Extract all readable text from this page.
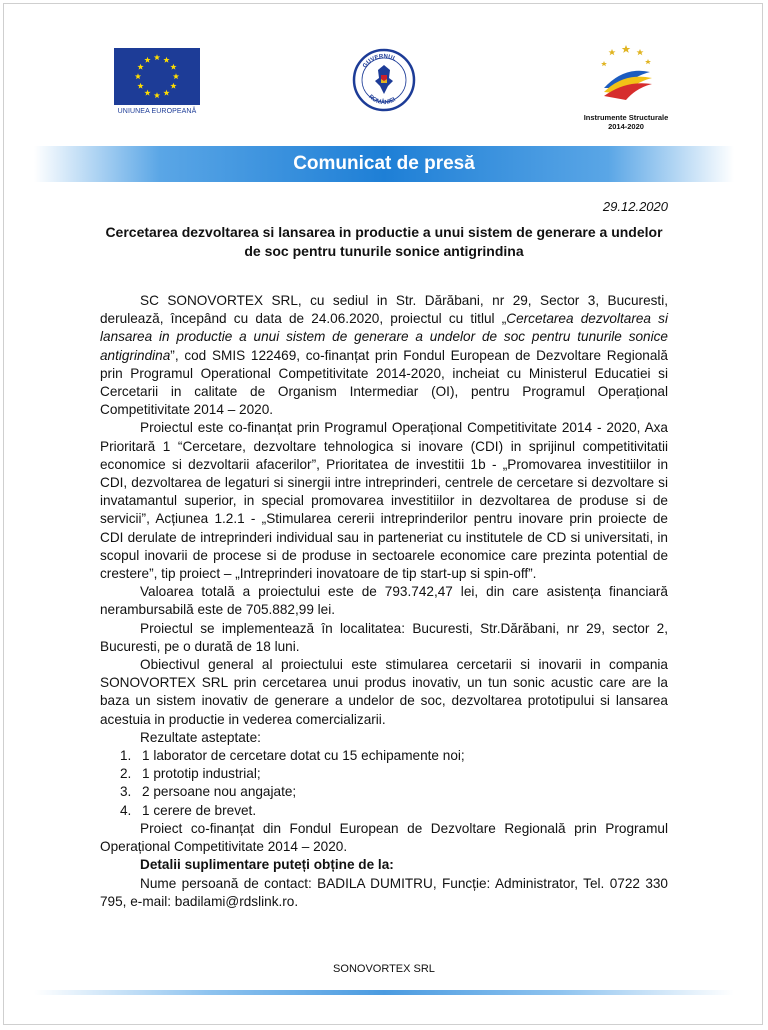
UNIUNEA EUROPEANĂ
GUVERNUL
ROMÂNIEI
Instrumente Structurale
2014-2020
Comunicat de presă
29.12.2020
Cercetarea dezvoltarea si lansarea in productie a unui sistem de generare a undelor de soc pentru tunurile sonice antigrindina

SC SONOVORTEX SRL, cu sediul in Str. Dărăbani, nr 29, Sector 3, Bucuresti, derulează, începând cu data de 24.06.2020, proiectul cu titlul „Cercetarea dezvoltarea si lansarea in productie a unui sistem de generare a undelor de soc pentru tunurile sonice antigrindina”, cod SMIS 122469, co-finanțat prin Fondul European de Dezvoltare Regională prin Programul Operational Competitivitate 2014-2020, incheiat cu Ministerul Educatiei si Cercetarii in calitate de Organism Intermediar (OI), pentru Programul Operațional Competitivitate 2014 – 2020.

Proiectul este co-finanțat prin Programul Operațional Competitivitate 2014 - 2020, Axa Prioritară 1 “Cercetare, dezvoltare tehnologica si inovare (CDI) in sprijinul competitivitatii economice si dezvoltarii afacerilor”, Prioritatea de investitii 1b - „Promovarea investitiilor in CDI, dezvoltarea de legaturi si sinergii intre intreprinderi, centrele de cercetare si dezvoltare si invatamantul superior, in special promovarea investitiilor in dezvoltarea de produse si de servicii”, Acțiunea 1.2.1 - „Stimularea cererii intreprinderilor pentru inovare prin proiecte de CDI derulate de intreprinderi individual sau in parteneriat cu institutele de CD si universitati, in scopul inovarii de procese si de produse in sectoarele economice care prezinta potential de crestere”, tip proiect – „Intreprinderi inovatoare de tip start-up si spin-off”.

Valoarea totală a proiectului este de 793.742,47 lei, din care asistența financiară nerambursabilă este de 705.882,99 lei.

Proiectul se implementează în localitatea: Bucuresti, Str.Dărăbani, nr 29, sector 2, Bucuresti, pe o durată de 18 luni.

Obiectivul general al proiectului este stimularea cercetarii si inovarii in compania SONOVORTEX SRL prin cercetarea unui produs inovativ, un tun sonic acustic care are la baza un sistem inovativ de generare a undelor de soc, dezvoltarea prototipului si lansarea acestuia in productie in vederea comercializarii.

Rezultate asteptate:

1. 1 laborator de cercetare dotat cu 15 echipamente noi;
2. 1 prototip industrial;
3. 2 persoane nou angajate;
4. 1 cerere de brevet.

Proiect co-finanțat din Fondul European de Dezvoltare Regională prin Programul Operațional Competitivitate 2014 – 2020.

Detalii suplimentare puteți obține de la:

Nume persoană de contact: BADILA DUMITRU, Funcție: Administrator, Tel. 0722 330 795, e-mail: badilami@rdslink.ro.

SONOVORTEX SRL
